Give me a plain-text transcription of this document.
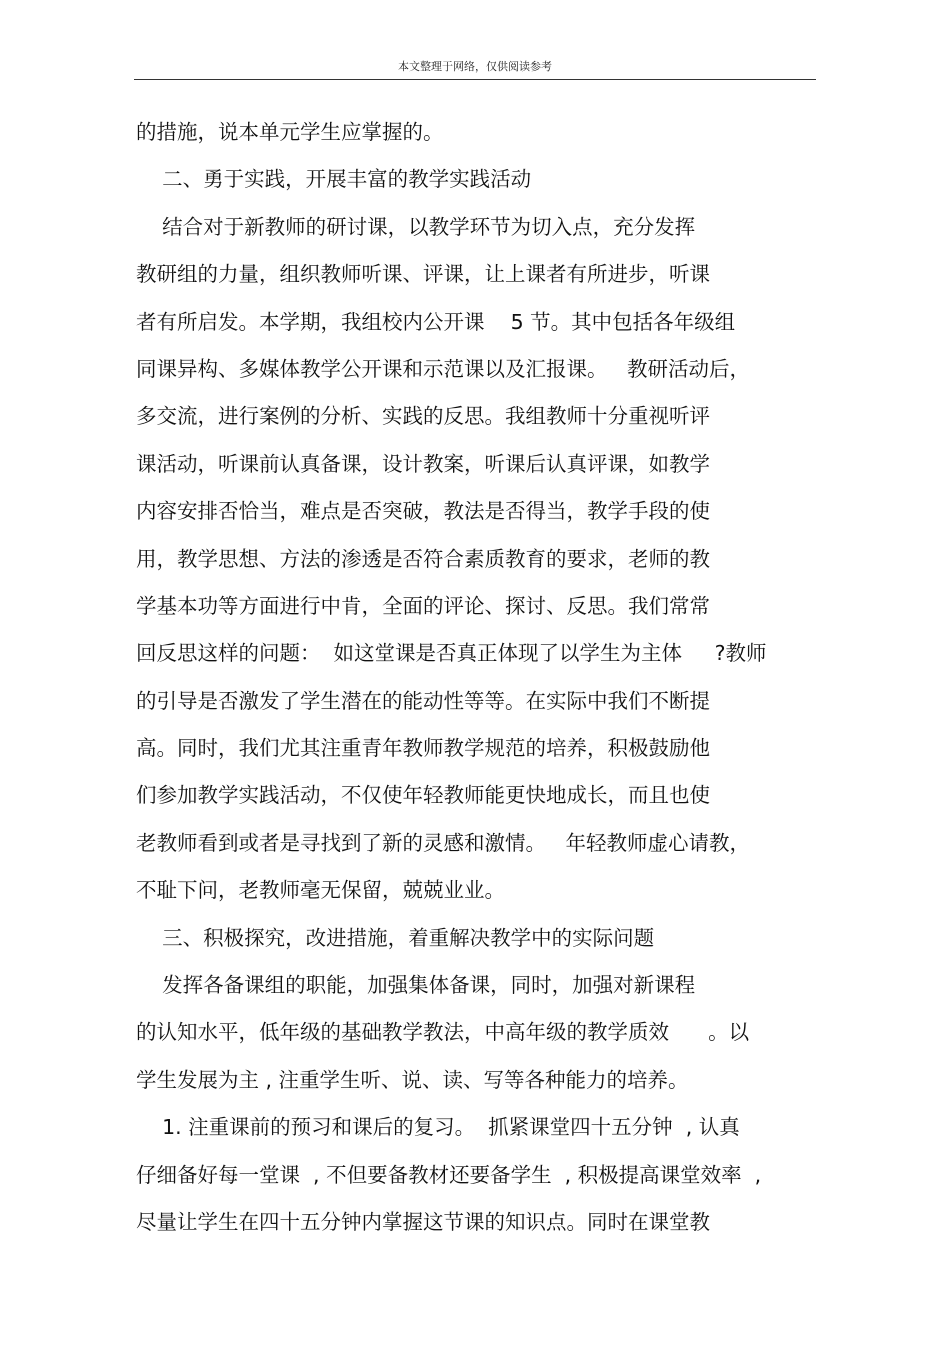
本文整理于网络，仅供阅读参考
的措施，说本单元学生应掌握的。
二、勇于实践，开展丰富的教学实践活动
结合对于新教师的研讨课，以教学环节为切入点，充分发挥
教研组的力量，组织教师听课、评课，让上课者有所进步，听课
者有所启发。本学期，我组校内公开课    5 节。其中包括各年级组
同课异构、多媒体教学公开课和示范课以及汇报课。   教研活动后，
多交流，进行案例的分析、实践的反思。我组教师十分重视听评
课活动，听课前认真备课，设计教案，听课后认真评课，如教学
内容安排否恰当，难点是否突破，教法是否得当，教学手段的使
用，教学思想、方法的渗透是否符合素质教育的要求，老师的教
学基本功等方面进行中肯，全面的评论、探讨、反思。我们常常
回反思这样的问题：  如这堂课是否真正体现了以学生为主体     ?教师
的引导是否激发了学生潜在的能动性等等。在实际中我们不断提
高。同时，我们尤其注重青年教师教学规范的培养，积极鼓励他
们参加教学实践活动，不仅使年轻教师能更快地成长，而且也使
老教师看到或者是寻找到了新的灵感和激情。   年轻教师虚心请教，
不耻下问，老教师毫无保留，兢兢业业。
三、积极探究，改进措施，着重解决教学中的实际问题
发挥各备课组的职能，加强集体备课，同时，加强对新课程
的认知水平，低年级的基础教学教法，中高年级的教学质效      。以
学生发展为主 , 注重学生听、说、读、写等各种能力的培养。
1. 注重课前的预习和课后的复习。  抓紧课堂四十五分钟  , 认真
仔细备好每一堂课  , 不但要备教材还要备学生  , 积极提高课堂效率  ,
尽量让学生在四十五分钟内掌握这节课的知识点。同时在课堂教
